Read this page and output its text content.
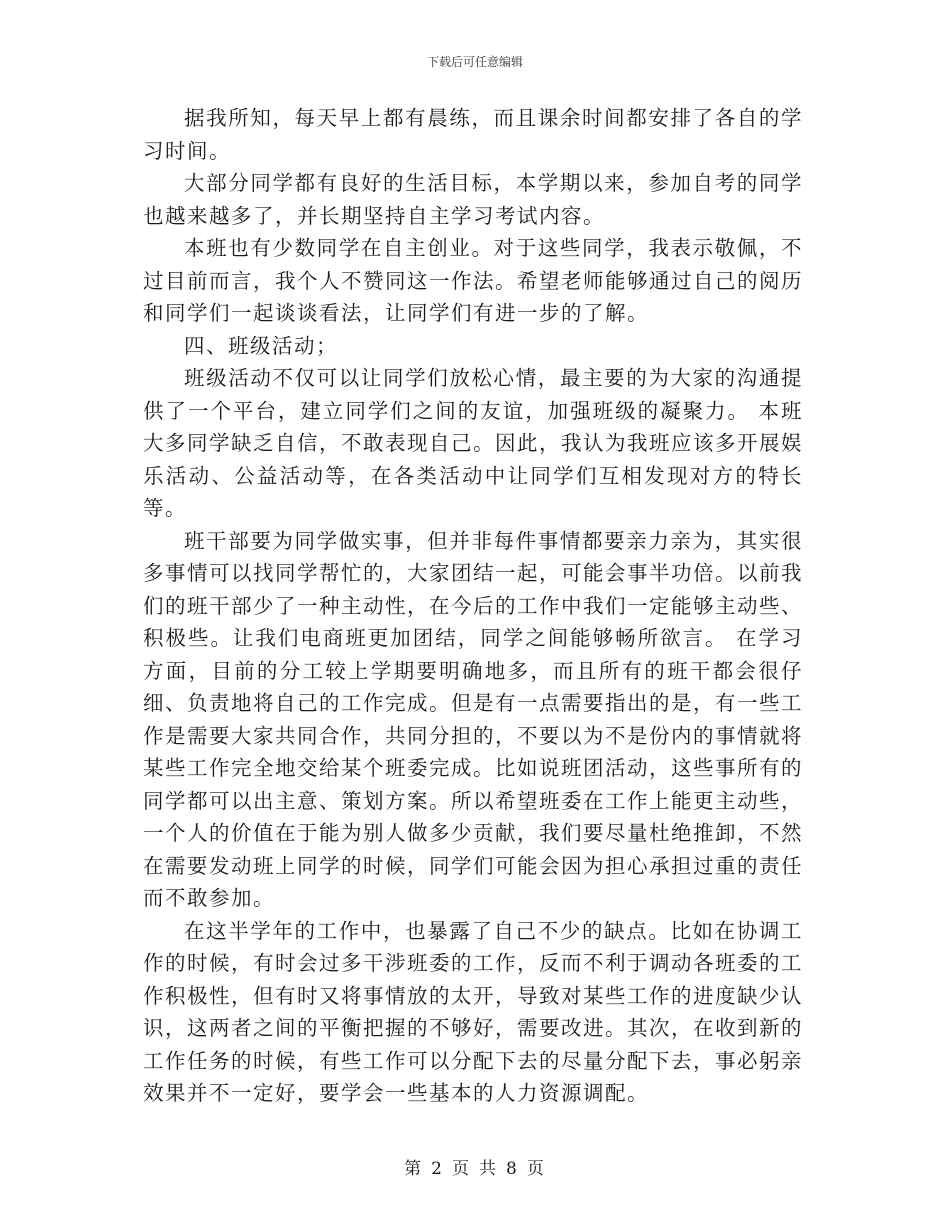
下载后可任意编辑

据我所知，每天早上都有晨练，而且课余时间都安排了各自的学习时间。

大部分同学都有良好的生活目标，本学期以来，参加自考的同学也越来越多了，并长期坚持自主学习考试内容。

本班也有少数同学在自主创业。对于这些同学，我表示敬佩，不过目前而言，我个人不赞同这一作法。希望老师能够通过自己的阅历和同学们一起谈谈看法，让同学们有进一步的了解。

四、班级活动；

班级活动不仅可以让同学们放松心情，最主要的为大家的沟通提供了一个平台，建立同学们之间的友谊，加强班级的凝聚力。 本班大多同学缺乏自信，不敢表现自己。因此，我认为我班应该多开展娱乐活动、公益活动等，在各类活动中让同学们互相发现对方的特长等。

班干部要为同学做实事，但并非每件事情都要亲力亲为，其实很多事情可以找同学帮忙的，大家团结一起，可能会事半功倍。以前我们的班干部少了一种主动性，在今后的工作中我们一定能够主动些、积极些。让我们电商班更加团结，同学之间能够畅所欲言。 在学习方面，目前的分工较上学期要明确地多，而且所有的班干都会很仔细、负责地将自己的工作完成。但是有一点需要指出的是，有一些工作是需要大家共同合作，共同分担的，不要以为不是份内的事情就将某些工作完全地交给某个班委完成。比如说班团活动，这些事所有的同学都可以出主意、策划方案。所以希望班委在工作上能更主动些，一个人的价值在于能为别人做多少贡献，我们要尽量杜绝推卸，不然在需要发动班上同学的时候，同学们可能会因为担心承担过重的责任而不敢参加。

在这半学年的工作中，也暴露了自己不少的缺点。比如在协调工作的时候，有时会过多干涉班委的工作，反而不利于调动各班委的工作积极性，但有时又将事情放的太开，导致对某些工作的进度缺少认识，这两者之间的平衡把握的不够好，需要改进。其次，在收到新的工作任务的时候，有些工作可以分配下去的尽量分配下去，事必躬亲效果并不一定好，要学会一些基本的人力资源调配。

第 2 页 共 8 页
